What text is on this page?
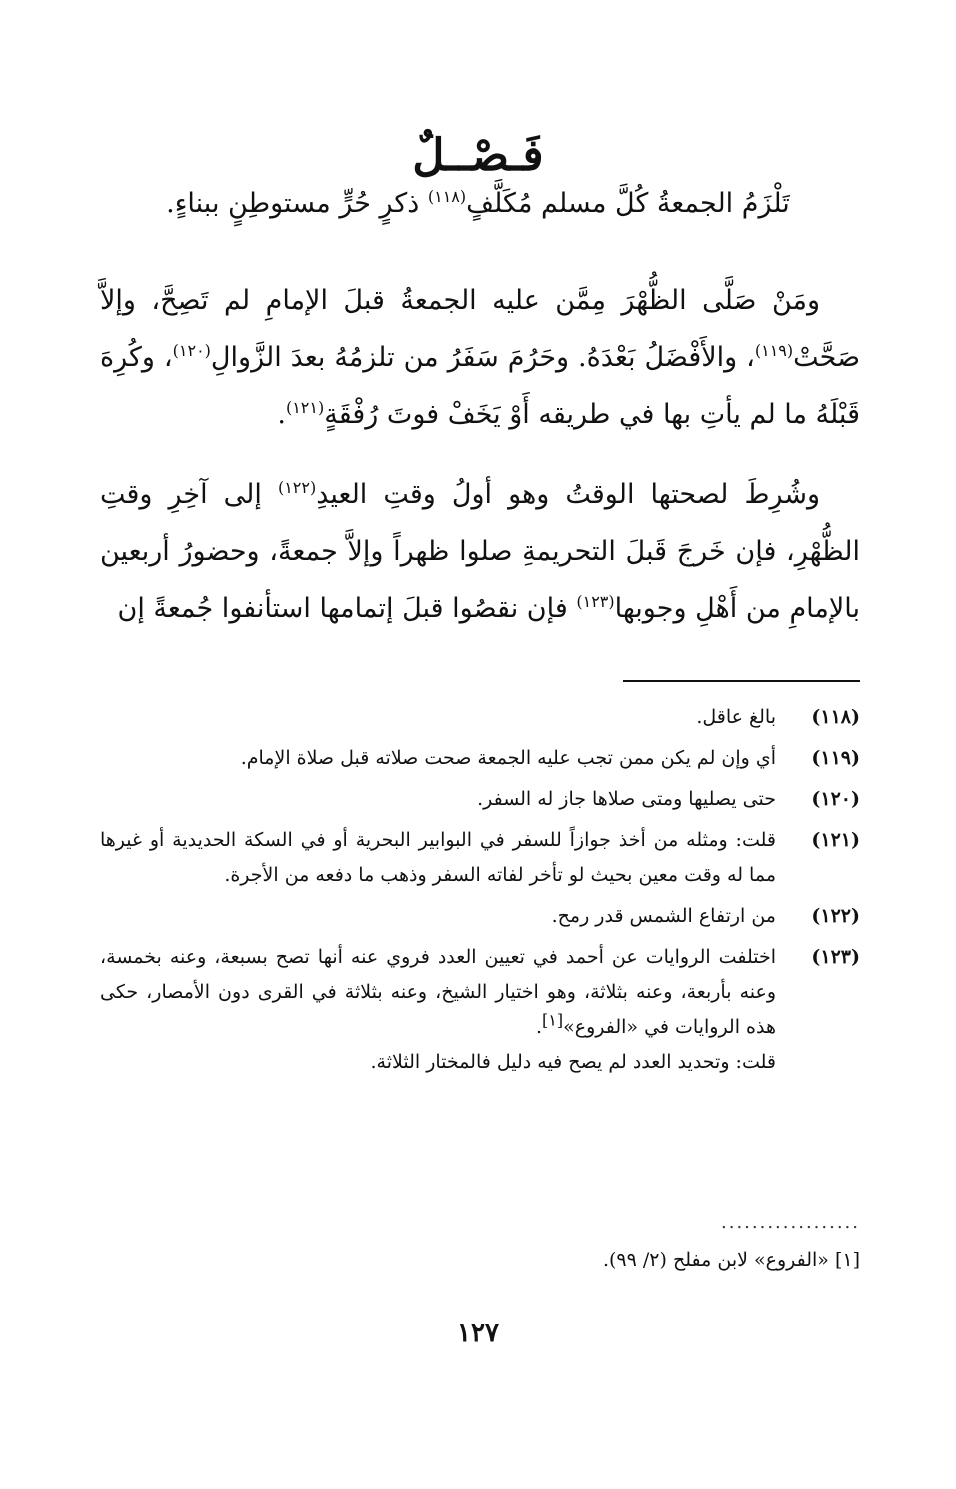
فَـصْــلٌ
تَلْزَمُ الجمعةُ كُلَّ مسلم مُكَلَّفٍ$^{(١١٨)}$ ذكرٍ حُرٍّ مستوطِنٍ ببناءٍ.
ومَنْ صَلَّى الظُّهْرَ مِمَّن عليه الجمعةُ قبلَ الإمامِ لم تَصِحَّ، وإلاَّ صَحَّتْ$^{(١١٩)}$، والأَفْضَلُ بَعْدَهُ. وحَرُمَ سَفَرُ من تلزمُهُ بعدَ الزَّوالِ$^{(١٢٠)}$، وكُرِهَ قَبْلَهُ ما لم يأتِ بها في طريقه أَوْ يَخَفْ فوتَ رُفْقَةٍ$^{(١٢١)}$.
وشُرِطَ لصحتها الوقتُ وهو أولُ وقتِ العيدِ$^{(١٢٢)}$ إلى آخِرِ وقتِ الظُّهْرِ، فإن خَرجَ قَبلَ التحريمةِ صلوا ظهراً وإلاَّ جمعةً، وحضورُ أربعين بالإمامِ من أَهْلِ وجوبها$^{(١٢٣)}$ فإن نقصُوا قبلَ إتمامها استأنفوا جُمعةً إن
(١١٨)
بالغ عاقل.
(١١٩)
أي وإن لم يكن ممن تجب عليه الجمعة صحت صلاته قبل صلاة الإمام.
(١٢٠)
حتى يصليها ومتى صلاها جاز له السفر.
(١٢١)
قلت: ومثله من أخذ جوازاً للسفر في البوابير البحرية أو في السكة الحديدية أو غيرها مما له وقت معين بحيث لو تأخر لفاته السفر وذهب ما دفعه من الأجرة.
(١٢٢)
من ارتفاع الشمس قدر رمح.
(١٢٣)
اختلفت الروايات عن أحمد في تعيين العدد فروي عنه أنها تصح بسبعة، وعنه بخمسة، وعنه بأربعة، وعنه بثلاثة، وهو اختيار الشيخ، وعنه بثلاثة في القرى دون الأمصار، حكى هذه الروايات في «الفروع»[١].
قلت: وتحديد العدد لم يصح فيه دليل فالمختار الثلاثة.
..................
[١] «الفروع» لابن مفلح (٢/ ٩٩).
١٢٧
